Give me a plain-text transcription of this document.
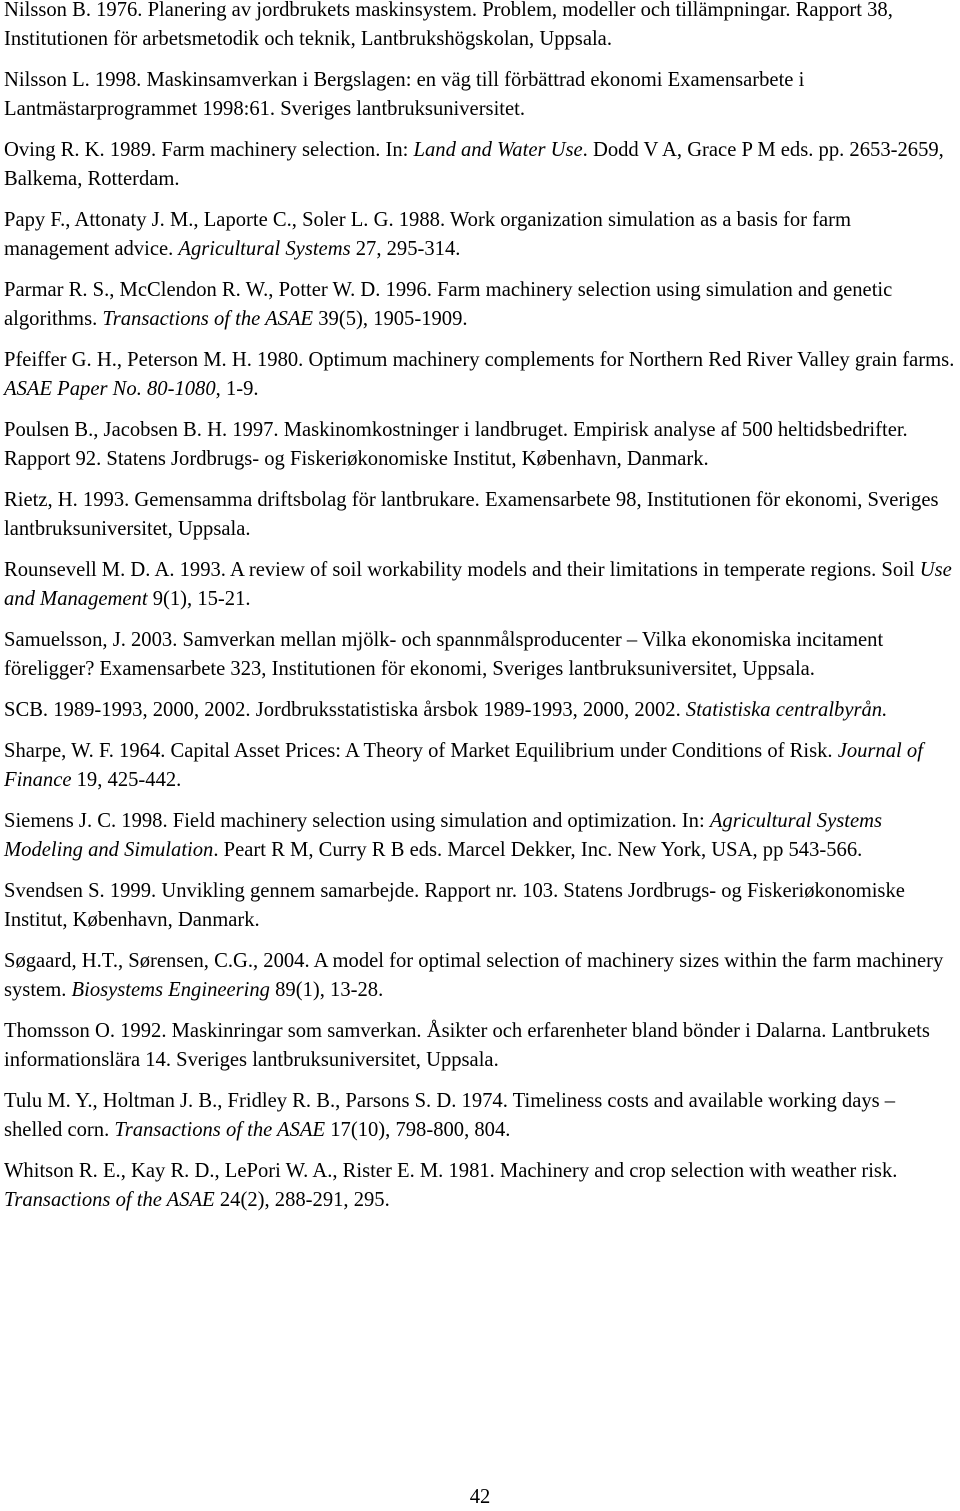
Nilsson B. 1976. Planering av jordbrukets maskinsystem. Problem, modeller och tillämpningar. Rapport 38, Institutionen för arbetsmetodik och teknik, Lantbrukshögskolan, Uppsala.

Nilsson L. 1998. Maskinsamverkan i Bergslagen: en väg till förbättrad ekonomi Examensarbete i Lantmästarprogrammet 1998:61. Sveriges lantbruksuniversitet.

Oving R. K. 1989. Farm machinery selection. In: Land and Water Use. Dodd V A, Grace P M eds. pp. 2653-2659, Balkema, Rotterdam.

Papy F., Attonaty J. M., Laporte C., Soler L. G. 1988. Work organization simulation as a basis for farm management advice. Agricultural Systems 27, 295-314.

Parmar R. S., McClendon R. W., Potter W. D. 1996. Farm machinery selection using simulation and genetic algorithms. Transactions of the ASAE 39(5), 1905-1909.

Pfeiffer G. H., Peterson M. H. 1980. Optimum machinery complements for Northern Red River Valley grain farms. ASAE Paper No. 80-1080, 1-9.

Poulsen B., Jacobsen B. H. 1997. Maskinomkostninger i landbruget. Empirisk analyse af 500 heltidsbedrifter. Rapport 92. Statens Jordbrugs- og Fiskeriøkonomiske Institut, København, Danmark.

Rietz, H. 1993. Gemensamma driftsbolag för lantbrukare. Examensarbete 98, Institutionen för ekonomi, Sveriges lantbruksuniversitet, Uppsala.

Rounsevell M. D. A. 1993. A review of soil workability models and their limitations in temperate regions. Soil Use and Management 9(1), 15-21.

Samuelsson, J. 2003. Samverkan mellan mjölk- och spannmålsproducenter – Vilka ekonomiska incitament föreligger? Examensarbete 323, Institutionen för ekonomi, Sveriges lantbruksuniversitet, Uppsala.

SCB. 1989-1993, 2000, 2002. Jordbruksstatistiska årsbok 1989-1993, 2000, 2002. Statistiska centralbyrån.

Sharpe, W. F. 1964. Capital Asset Prices: A Theory of Market Equilibrium under Conditions of Risk. Journal of Finance 19, 425-442.

Siemens J. C. 1998. Field machinery selection using simulation and optimization. In: Agricultural Systems Modeling and Simulation. Peart R M, Curry R B eds. Marcel Dekker, Inc. New York, USA, pp 543-566.

Svendsen S. 1999. Unvikling gennem samarbejde. Rapport nr. 103. Statens Jordbrugs- og Fiskeriøkonomiske Institut, København, Danmark.

Søgaard, H.T., Sørensen, C.G., 2004. A model for optimal selection of machinery sizes within the farm machinery system. Biosystems Engineering 89(1), 13-28.

Thomsson O. 1992. Maskinringar som samverkan. Åsikter och erfarenheter bland bönder i Dalarna. Lantbrukets informationslära 14. Sveriges lantbruksuniversitet, Uppsala.

Tulu M. Y., Holtman J. B., Fridley R. B., Parsons S. D. 1974. Timeliness costs and available working days – shelled corn. Transactions of the ASAE 17(10), 798-800, 804.

Whitson R. E., Kay R. D., LePori W. A., Rister E. M. 1981. Machinery and crop selection with weather risk. Transactions of the ASAE 24(2), 288-291, 295.

42
